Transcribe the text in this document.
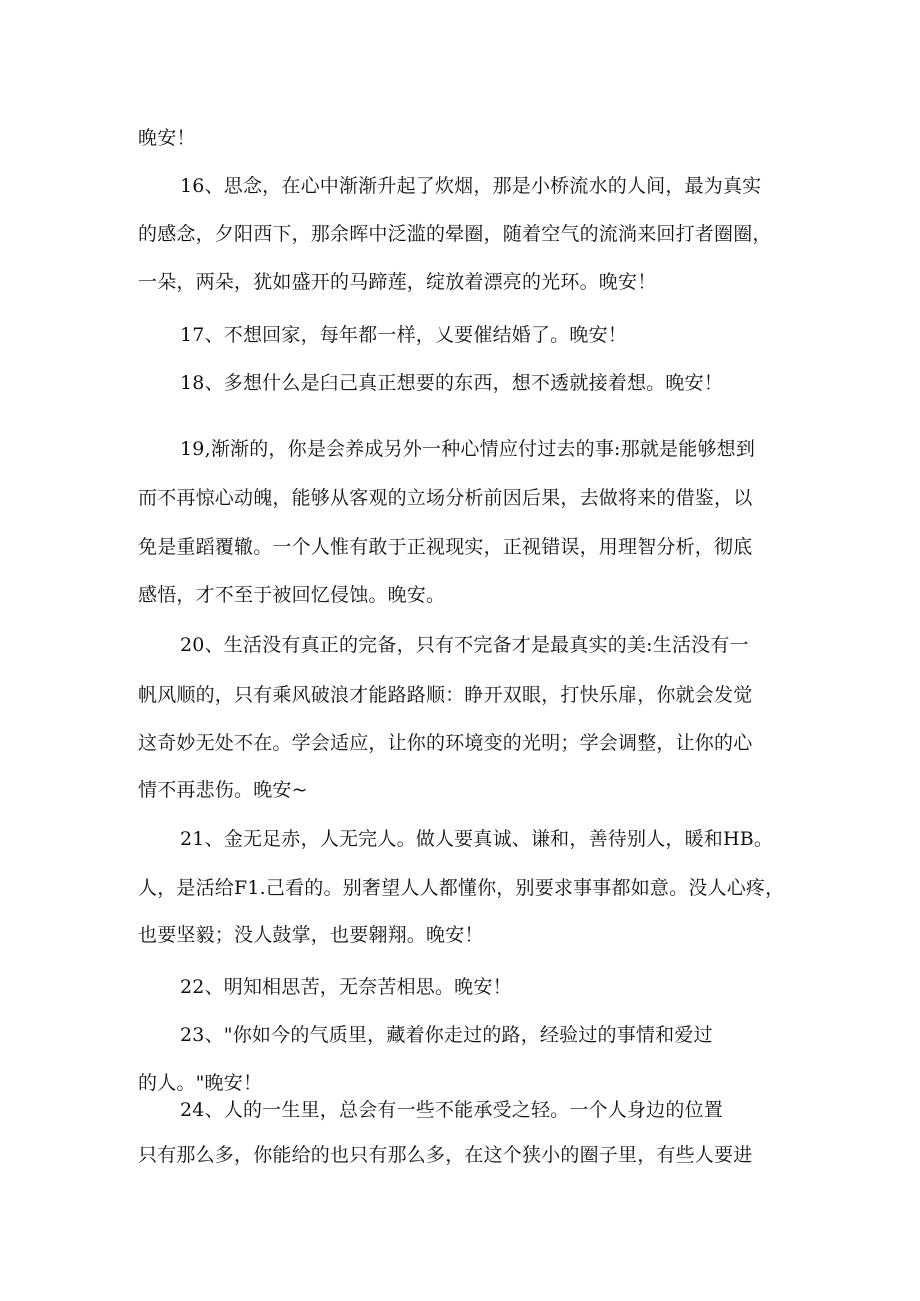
晚安！
16、思念，在心中渐渐升起了炊烟，那是小桥流水的人间，最为真实
的感念，夕阳西下，那余晖中泛滥的晕圈，随着空气的流淌来回打者圈圈，
一朵，两朵，犹如盛开的马蹄莲，绽放着漂亮的光环。晚安！
17、不想回家，每年都一样，乂要催结婚了。晚安！
18、多想什么是臼己真正想要的东西，想不透就接着想。晚安！
19,渐渐的，你是会养成另外一种心情应付过去的事:那就是能够想到
而不再惊心动魄，能够从客观的立场分析前因后果，去做将来的借鉴，以
免是重蹈覆辙。一个人惟有敢于正视现实，正视错误，用理智分析，彻底
感悟，才不至于被回忆侵蚀。晚安。
20、生活没有真正的完备，只有不完备才是最真实的美:生活没有一
帆风顺的，只有乘风破浪才能路路顺：睁开双眼，打快乐扉，你就会发觉
这奇妙无处不在。学会适应，让你的环境变的光明；学会调整，让你的心
情不再悲伤。晚安~
21、金无足赤，人无完人。做人要真诚、谦和，善待别人，暖和HB。
人，是活给F1.己看的。别奢望人人都懂你，别要求事事都如意。没人心疼，
也要坚毅；没人鼓掌，也要翱翔。晚安！
22、明知相思苦，无奈苦相思。晚安！
23、"你如今的气质里，藏着你走过的路，经验过的事情和爱过
的人。"晚安！
24、人的一生里，总会有一些不能承受之轻。一个人身边的位置
只有那么多，你能给的也只有那么多，在这个狭小的圈子里，有些人要进
